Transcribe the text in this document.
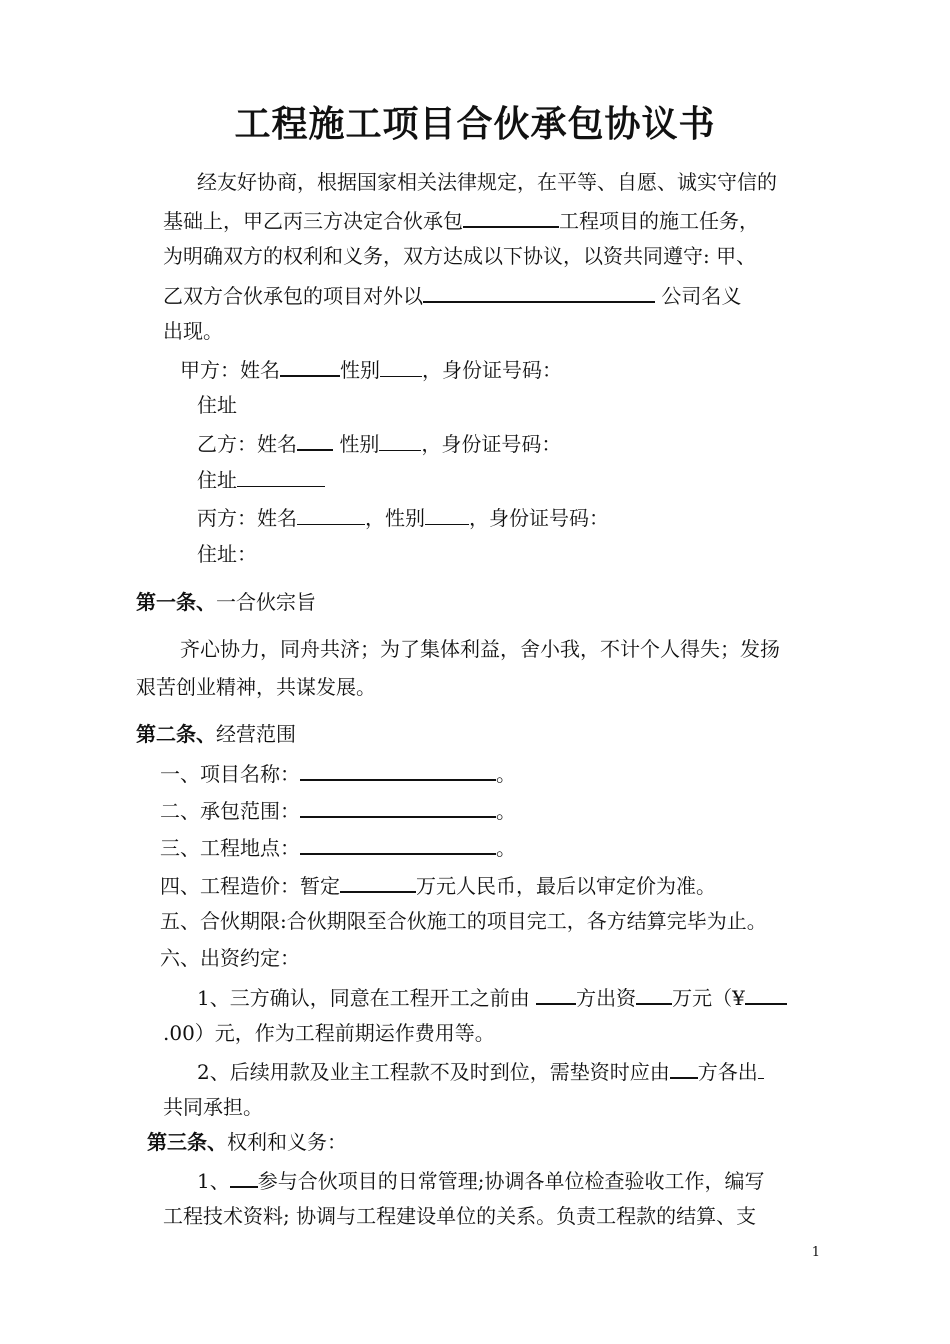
工程施工项目合伙承包协议书
经友好协商，根据国家相关法律规定，在平等、自愿、诚实守信的
基础上，甲乙丙三方决定合伙承包	工程项目的施工任务，
为明确双方的权利和义务，双方达成以下协议，以资共同遵守: 甲、
乙双方合伙承包的项目对外以	公司名义
出现。
甲方：姓名	性别 ，身份证号码：
住址
乙方：姓名 性别 ，身份证号码：
住址
丙方：姓名	，性别 ，身份证号码：
住址：
第一条、一合伙宗旨
齐心协力，同舟共济；为了集体利益，舍小我，不计个人得失；发扬
艰苦创业精神，共谋发展。
第二条、经营范围
一、项目名称：	。
二、承包范围：	。
三、工程地点：	。
四、工程造价：暂定	万元人民币，最后以审定价为准。
五、合伙期限:合伙期限至合伙施工的项目完工，各方结算完毕为止。
六、出资约定：
1、三方确认，同意在工程开工之前由 方出资 万元（¥
.00）元，作为工程前期运作费用等。
2、后续用款及业主工程款不及时到位，需垫资时应由 方各出
共同承担。
第三条、权利和义务：
1、 参与合伙项目的日常管理;协调各单位检查验收工作，编写
工程技术资料; 协调与工程建设单位的关系。负责工程款的结算、支
1
